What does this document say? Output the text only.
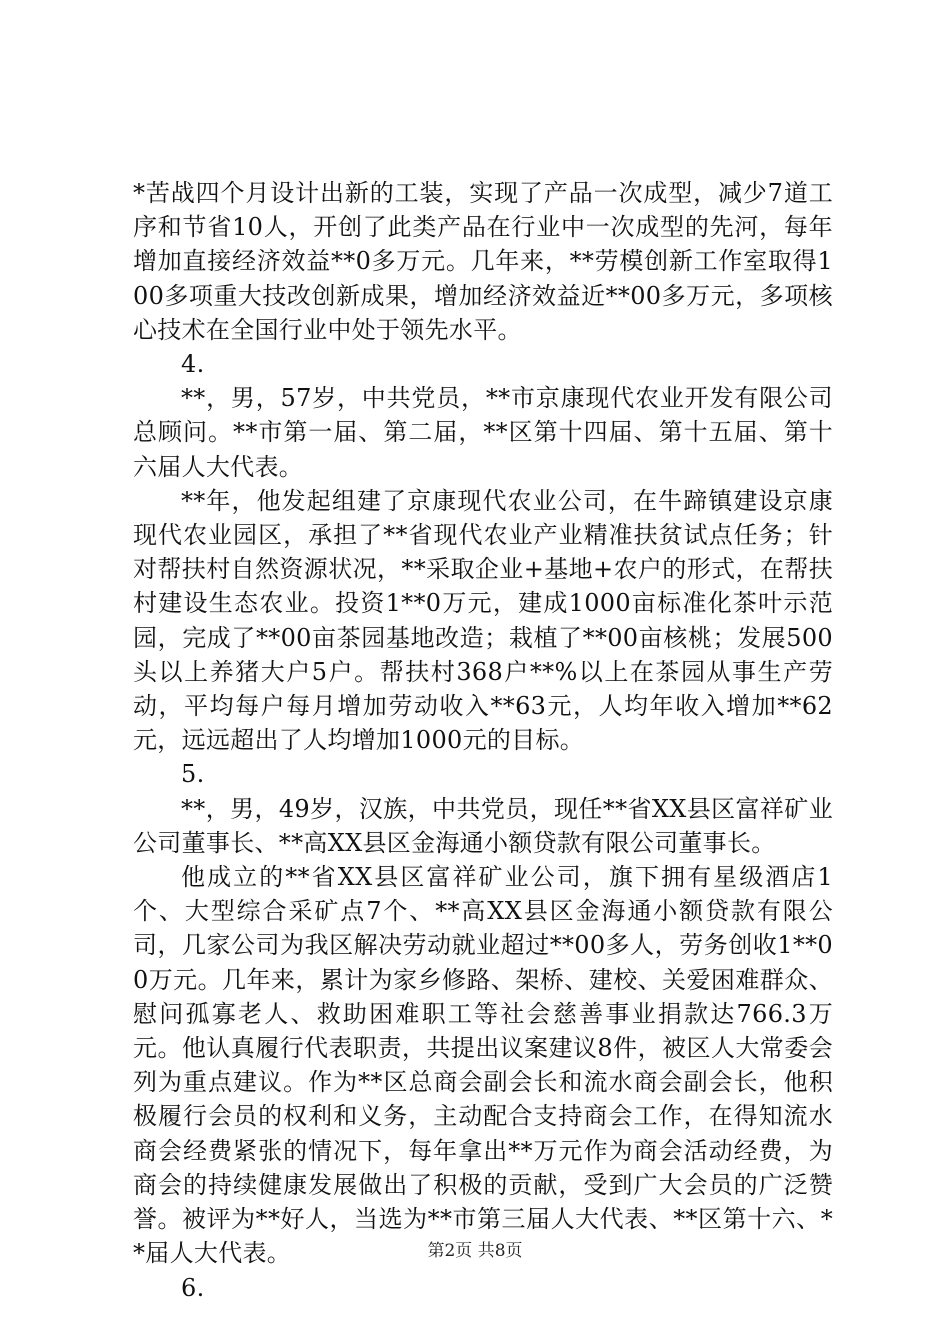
*苦战四个月设计出新的工装，实现了产品一次成型，减少7道工序和节省10人，开创了此类产品在行业中一次成型的先河，每年增加直接经济效益**0多万元。几年来，**劳模创新工作室取得100多项重大技改创新成果，增加经济效益近**00多万元，多项核心技术在全国行业中处于领先水平。

4.

**，男，57岁，中共党员，**市京康现代农业开发有限公司总顾问。**市第一届、第二届，**区第十四届、第十五届、第十六届人大代表。

**年，他发起组建了京康现代农业公司，在牛蹄镇建设京康现代农业园区，承担了**省现代农业产业精准扶贫试点任务；针对帮扶村自然资源状况，**采取企业+基地+农户的形式，在帮扶村建设生态农业。投资1**0万元，建成1000亩标准化茶叶示范园，完成了**00亩茶园基地改造；栽植了**00亩核桃；发展500头以上养猪大户5户。帮扶村368户**%以上在茶园从事生产劳动，平均每户每月增加劳动收入**63元，人均年收入增加**62元，远远超出了人均增加1000元的目标。

5.

**，男，49岁，汉族，中共党员，现任**省XX县区富祥矿业公司董事长、**高XX县区金海通小额贷款有限公司董事长。

他成立的**省XX县区富祥矿业公司，旗下拥有星级酒店1个、大型综合采矿点7个、**高XX县区金海通小额贷款有限公司，几家公司为我区解决劳动就业超过**00多人，劳务创收1**00万元。几年来，累计为家乡修路、架桥、建校、关爱困难群众、慰问孤寡老人、救助困难职工等社会慈善事业捐款达766.3万元。他认真履行代表职责，共提出议案建议8件，被区人大常委会列为重点建议。作为**区总商会副会长和流水商会副会长，他积极履行会员的权利和义务，主动配合支持商会工作，在得知流水商会经费紧张的情况下，每年拿出**万元作为商会活动经费，为商会的持续健康发展做出了积极的贡献，受到广大会员的广泛赞誉。被评为**好人，当选为**市第三届人大代表、**区第十六、**届人大代表。

6.

第2页 共8页
